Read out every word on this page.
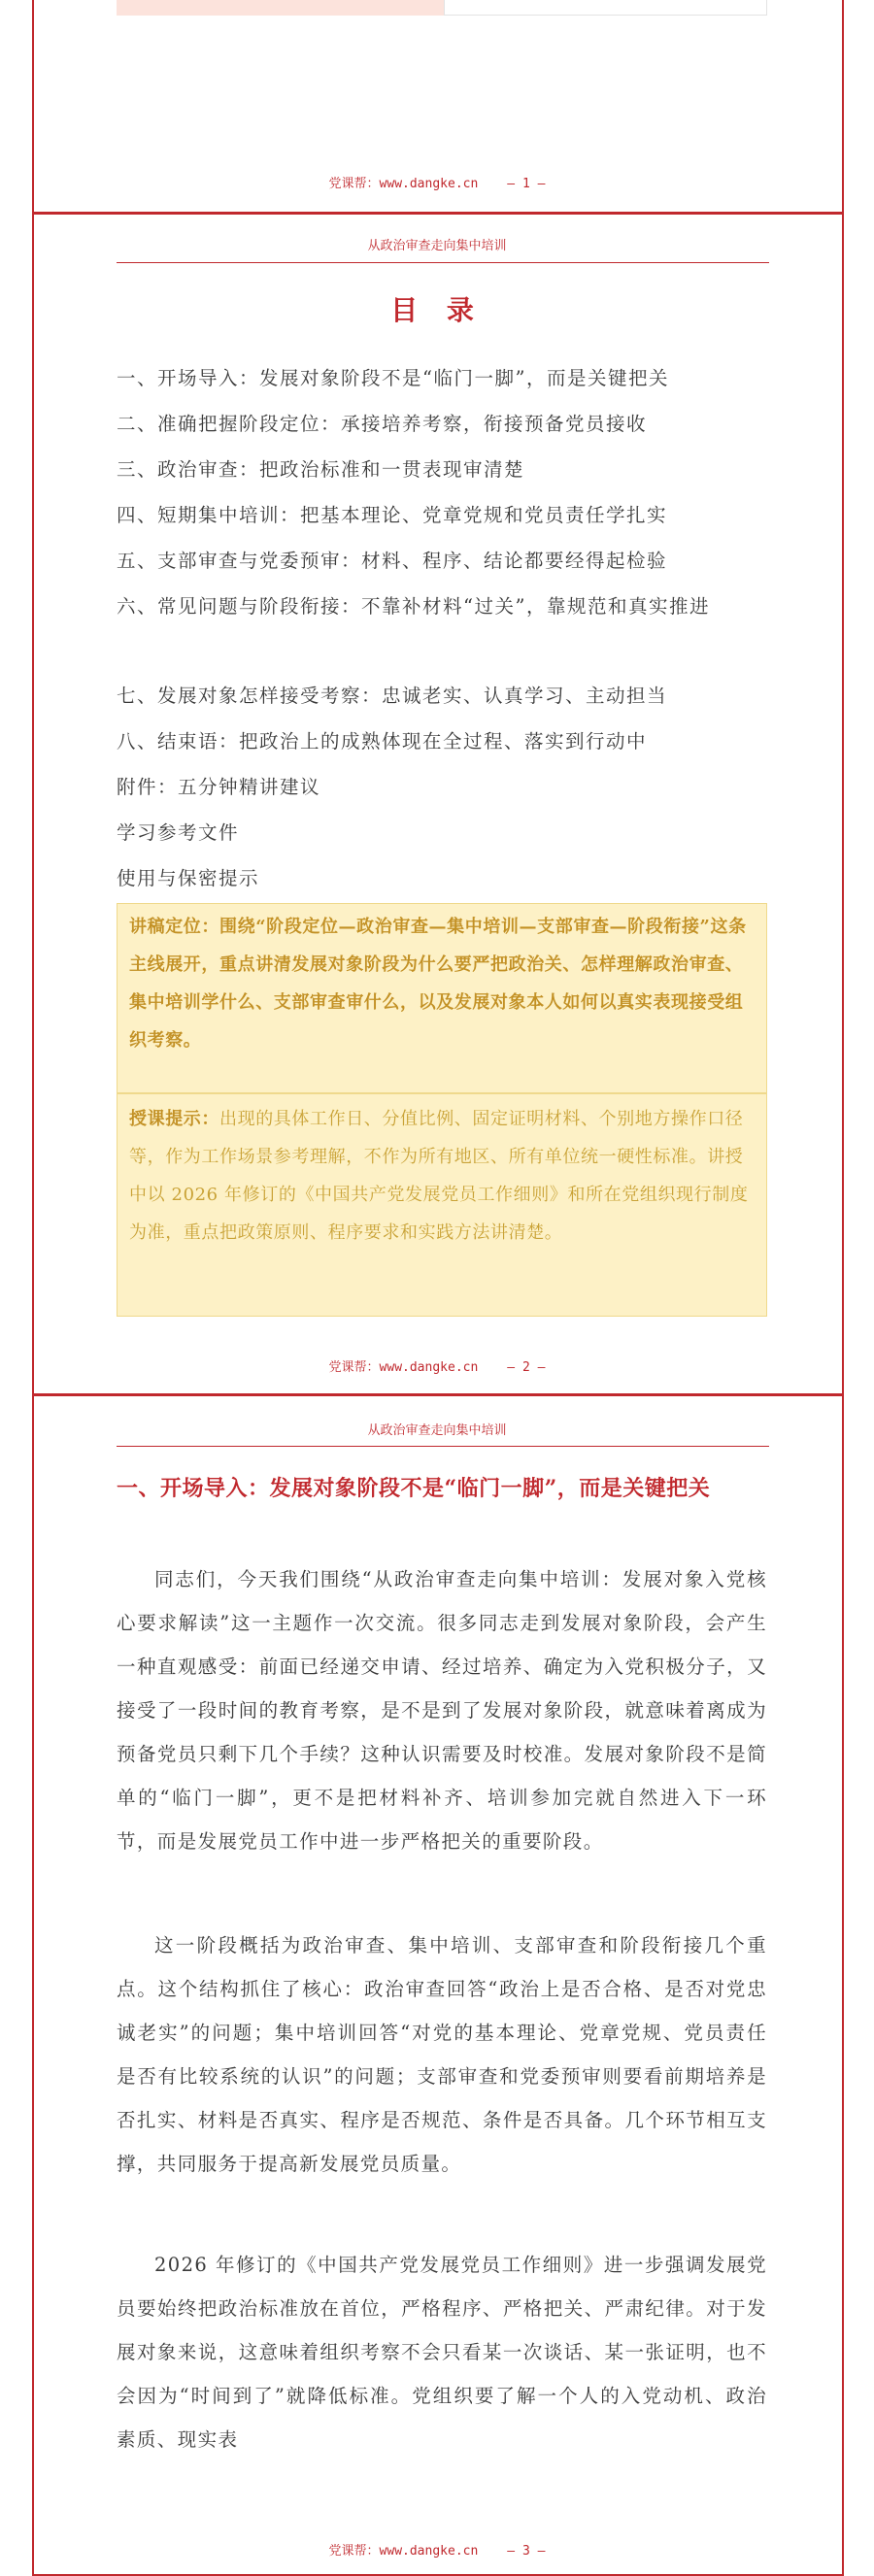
党课帮：www.dangke.cn — 1 —
从政治审查走向集中培训
目 录
一、开场导入：发展对象阶段不是“临门一脚”，而是关键把关
二、准确把握阶段定位：承接培养考察，衔接预备党员接收
三、政治审查：把政治标准和一贯表现审清楚
四、短期集中培训：把基本理论、党章党规和党员责任学扎实
五、支部审查与党委预审：材料、程序、结论都要经得起检验
六、常见问题与阶段衔接：不靠补材料“过关”，靠规范和真实推进
七、发展对象怎样接受考察：忠诚老实、认真学习、主动担当
八、结束语：把政治上的成熟体现在全过程、落实到行动中
附件：五分钟精讲建议
学习参考文件
使用与保密提示

讲稿定位：围绕“阶段定位—政治审查—集中培训—支部审查—阶段衔接”这条主线展开，重点讲清发展对象阶段为什么要严把政治关、怎样理解政治审查、集中培训学什么、支部审查审什么，以及发展对象本人如何以真实表现接受组织考察。

授课提示：出现的具体工作日、分值比例、固定证明材料、个别地方操作口径等，作为工作场景参考理解，不作为所有地区、所有单位统一硬性标准。讲授中以 2026 年修订的《中国共产党发展党员工作细则》和所在党组织现行制度为准，重点把政策原则、程序要求和实践方法讲清楚。

党课帮：www.dangke.cn — 2 —
从政治审查走向集中培训
一、开场导入：发展对象阶段不是“临门一脚”，而是关键把关

同志们，今天我们围绕“从政治审查走向集中培训：发展对象入党核心要求解读”这一主题作一次交流。很多同志走到发展对象阶段，会产生一种直观感受：前面已经递交申请、经过培养、确定为入党积极分子，又接受了一段时间的教育考察，是不是到了发展对象阶段，就意味着离成为预备党员只剩下几个手续？这种认识需要及时校准。发展对象阶段不是简单的“临门一脚”，更不是把材料补齐、培训参加完就自然进入下一环节，而是发展党员工作中进一步严格把关的重要阶段。

这一阶段概括为政治审查、集中培训、支部审查和阶段衔接几个重点。这个结构抓住了核心：政治审查回答“政治上是否合格、是否对党忠诚老实”的问题；集中培训回答“对党的基本理论、党章党规、党员责任是否有比较系统的认识”的问题；支部审查和党委预审则要看前期培养是否扎实、材料是否真实、程序是否规范、条件是否具备。几个环节相互支撑，共同服务于提高新发展党员质量。

2026 年修订的《中国共产党发展党员工作细则》进一步强调发展党员要始终把政治标准放在首位，严格程序、严格把关、严肃纪律。对于发展对象来说，这意味着组织考察不会只看某一次谈话、某一张证明，也不会因为“时间到了”就降低标准。党组织要了解一个人的入党动机、政治素质、现实表

党课帮：www.dangke.cn — 3 —
